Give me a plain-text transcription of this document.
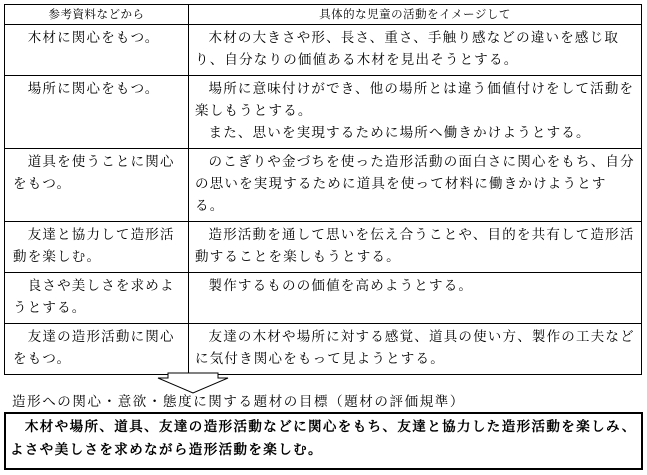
参考資料などから	具体的な児童の活動をイメージして
　木材に関心をもつ。	木材の大きさや形、長さ、重さ、手触り感などの違いを感じ取り、自分なりの価値ある木材を見出そうとする。

　場所に関心をもつ。	場所に意味付けができ、他の場所とは違う価値付けをして活動を楽しもうとする。
また、思いを実現するために場所へ働きかけようとする。

　道具を使うことに関心をもつ。	のこぎりや金づちを使った造形活動の面白さに関心をもち、自分の思いを実現するために道具を使って材料に働きかけようとする。

　友達と協力して造形活動を楽しむ。	造形活動を通して思いを伝え合うことや、目的を共有して造形活動することを楽しもうとする。

　良さや美しさを求めようとする。	製作するものの価値を高めようとする。

　友達の造形活動に関心をもつ。	友達の木材や場所に対する感覚、道具の使い方、製作の工夫などに気付き関心をもって見ようとする。
造形への関心・意欲・態度に関する題材の目標（題材の評価規準）
　木材や場所、道具、友達の造形活動などに関心をもち、友達と協力した造形活動を楽しみ、よさや美しさを求めながら造形活動を楽しむ。
